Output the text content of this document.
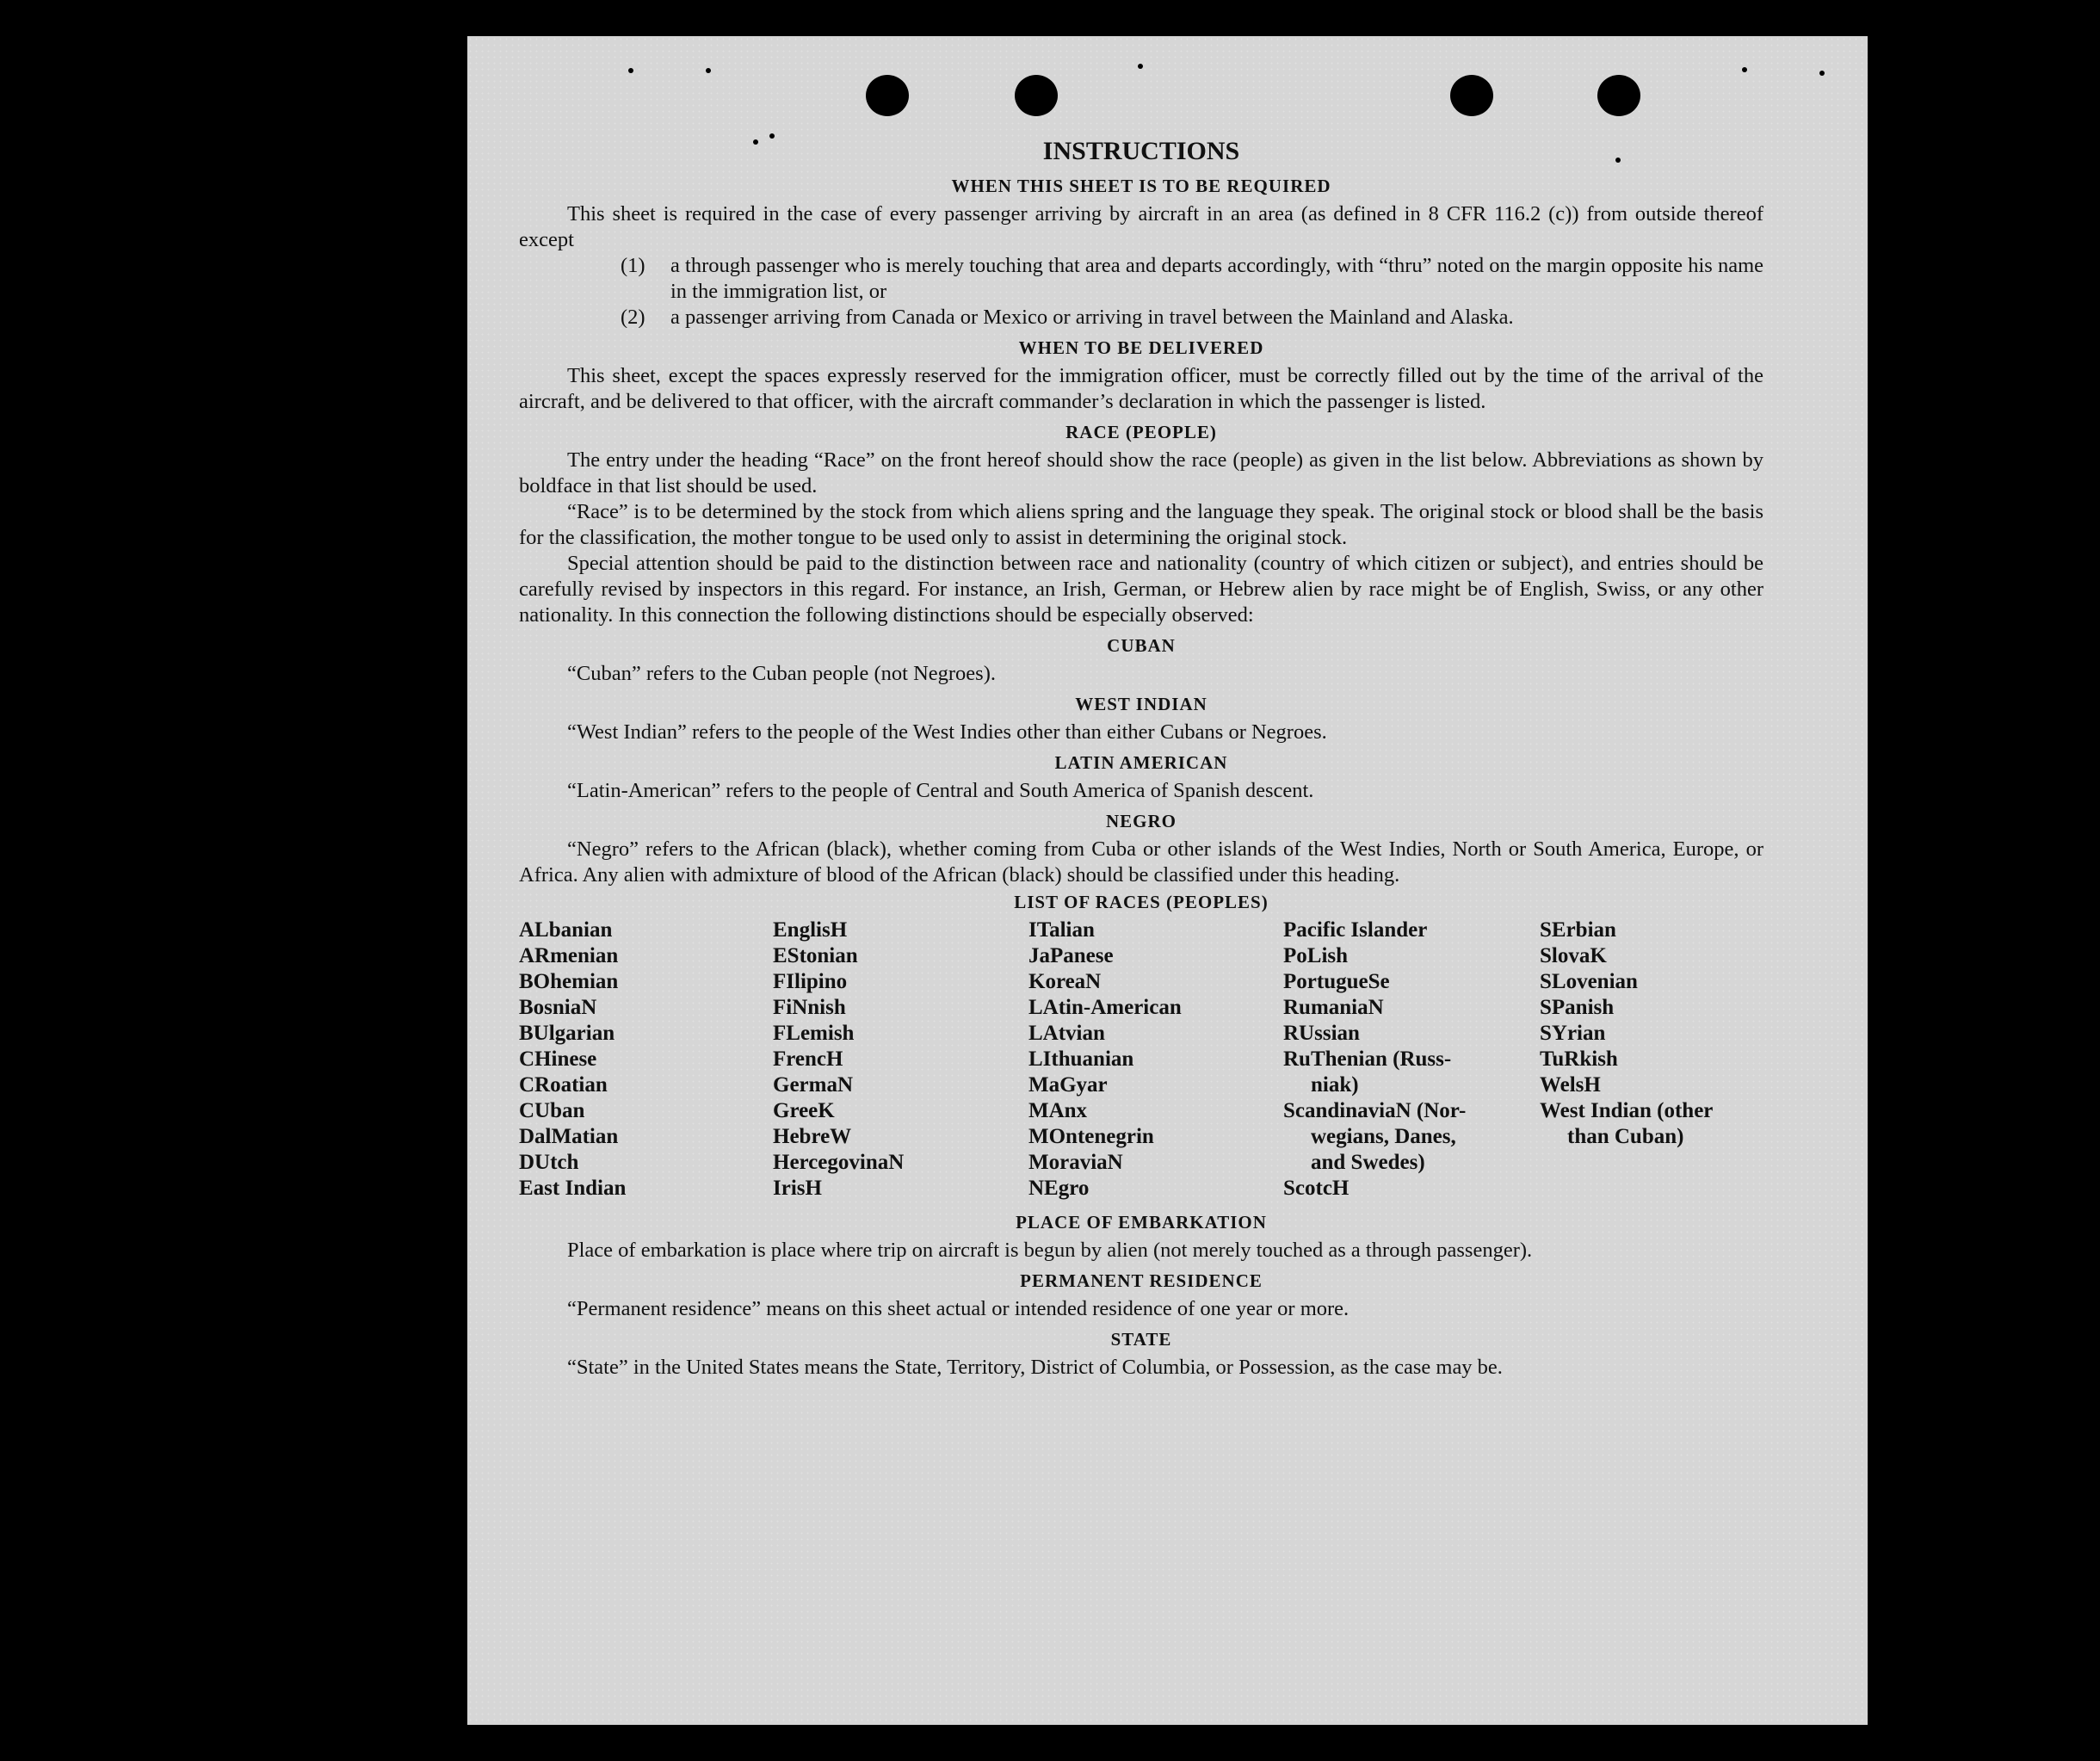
INSTRUCTIONS
WHEN THIS SHEET IS TO BE REQUIRED

This sheet is required in the case of every passenger arriving by aircraft in an area (as defined in 8 CFR 116.2 (c)) from outside thereof except

(1)	a through passenger who is merely touching that area and departs accordingly, with “thru” noted on the margin opposite his name in the immigration list, or
(2)	a passenger arriving from Canada or Mexico or arriving in travel between the Mainland and Alaska.
WHEN TO BE DELIVERED

This sheet, except the spaces expressly reserved for the immigration officer, must be correctly filled out by the time of the arrival of the aircraft, and be delivered to that officer, with the aircraft commander’s declaration in which the passenger is listed.

RACE (PEOPLE)

The entry under the heading “Race” on the front hereof should show the race (people) as given in the list below. Abbreviations as shown by boldface in that list should be used.

“Race” is to be determined by the stock from which aliens spring and the language they speak. The original stock or blood shall be the basis for the classification, the mother tongue to be used only to assist in determining the original stock.

Special attention should be paid to the distinction between race and nationality (country of which citizen or subject), and entries should be carefully revised by inspectors in this regard. For instance, an Irish, German, or Hebrew alien by race might be of English, Swiss, or any other nationality. In this connection the following distinctions should be especially observed:

CUBAN

“Cuban” refers to the Cuban people (not Negroes).

WEST INDIAN

“West Indian” refers to the people of the West Indies other than either Cubans or Negroes.

LATIN AMERICAN

“Latin-American” refers to the people of Central and South America of Spanish descent.

NEGRO

“Negro” refers to the African (black), whether coming from Cuba or other islands of the West Indies, North or South America, Europe, or Africa. Any alien with admixture of blood of the African (black) should be classified under this heading.

LIST OF RACES (PEOPLES)
ALbanian
ARmenian
BOhemian
BosniaN
BUlgarian
CHinese
CRoatian
CUban
DalMatian
DUtch
East Indian
EnglisH
EStonian
FIlipino
FiNnish
FLemish
FrencH
GermaN
GreeK
HebreW
HercegovinaN
IrisH
ITalian
JaPanese
KoreaN
LAtin-American
LAtvian
LIthuanian
MaGyar
MAnx
MOntenegrin
MoraviaN
NEgro
Pacific Islander
PoLish
PortugueSe
RumaniaN
RUssian
RuThenian (Russ-
niak)
ScandinaviaN (Nor-
wegians, Danes,
and Swedes)
ScotcH
SErbian
SlovaK
SLovenian
SPanish
SYrian
TuRkish
WelsH
West Indian (other
than Cuban)
PLACE OF EMBARKATION

Place of embarkation is place where trip on aircraft is begun by alien (not merely touched as a through passenger).

PERMANENT RESIDENCE

“Permanent residence” means on this sheet actual or intended residence of one year or more.

STATE

“State” in the United States means the State, Territory, District of Columbia, or Possession, as the case may be.
